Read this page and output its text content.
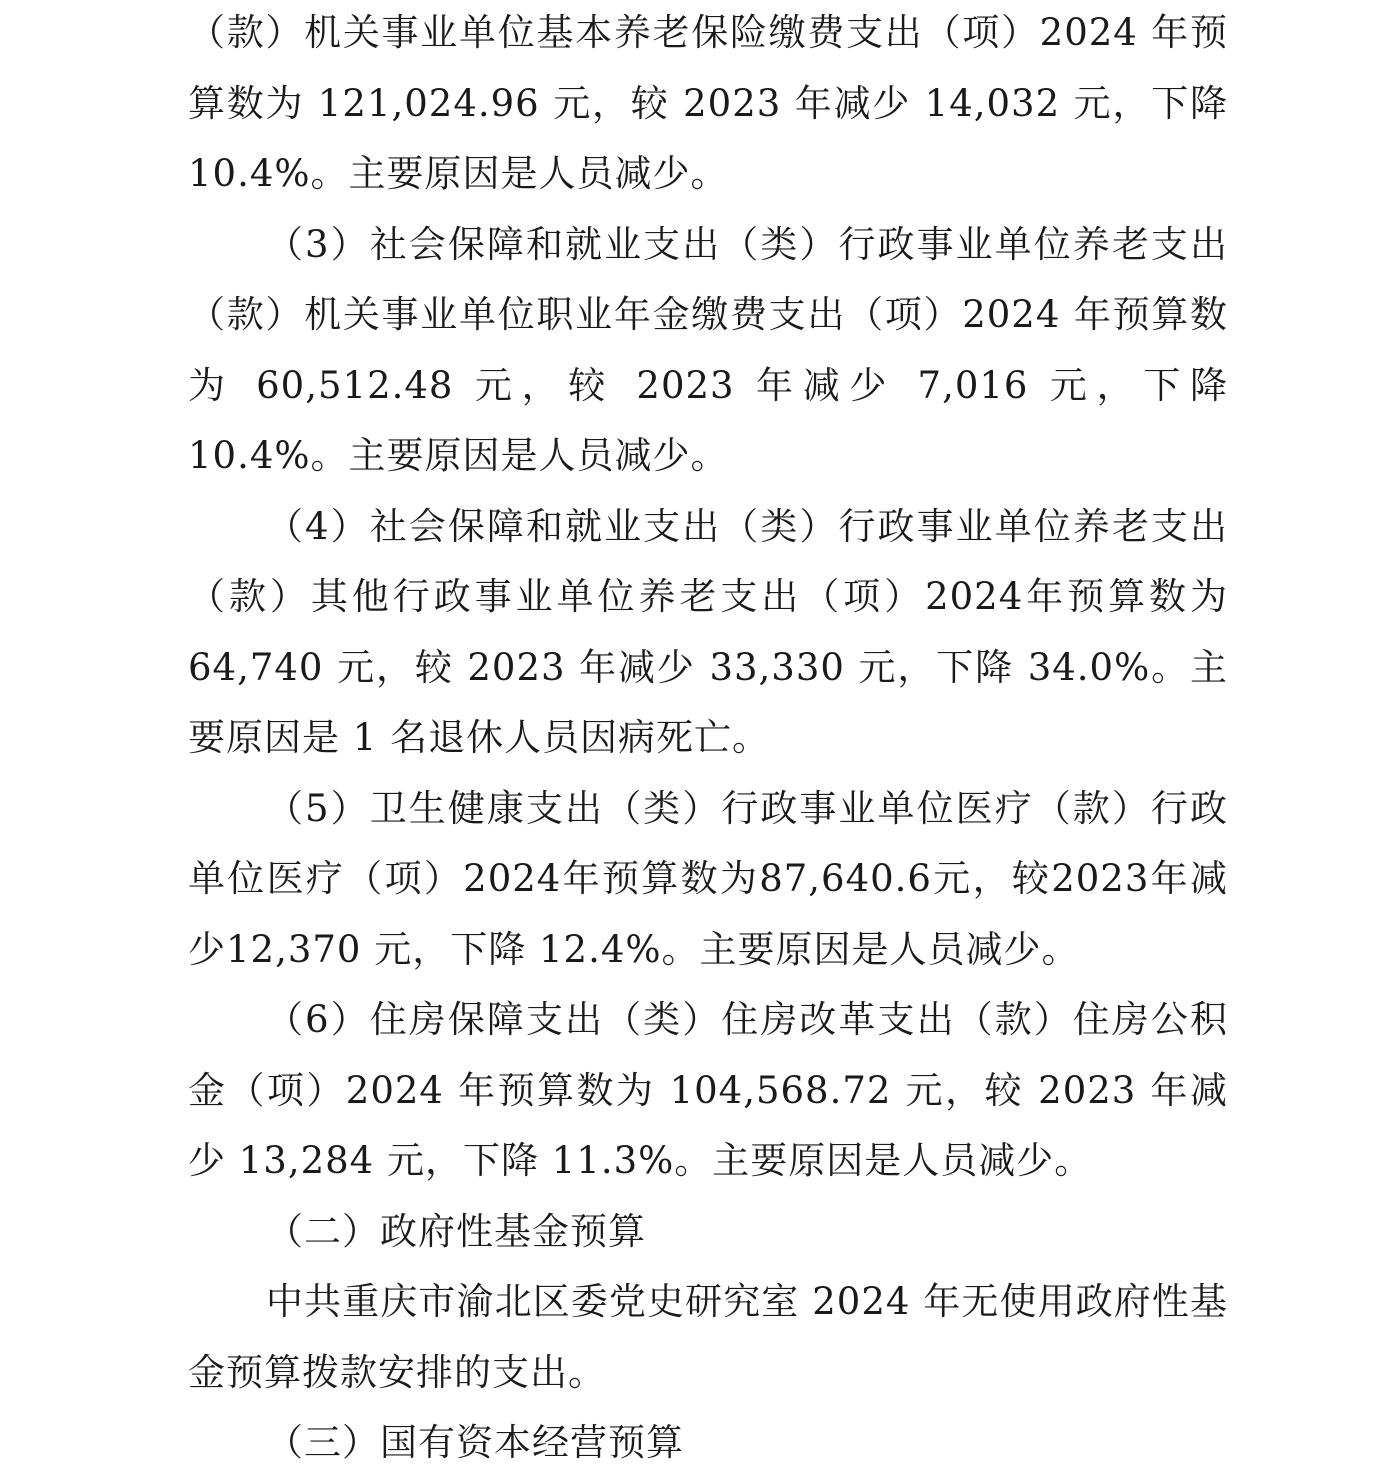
（款）机关事业单位基本养老保险缴费支出（项）2024 年预算数为 121,024.96 元，较 2023 年减少 14,032 元，下降 10.4%。主要原因是人员减少。

（3）社会保障和就业支出（类）行政事业单位养老支出（款）机关事业单位职业年金缴费支出（项）2024 年预算数为 60,512.48 元，较 2023 年减少 7,016 元，下降 10.4%。主要原因是人员减少。

（4）社会保障和就业支出（类）行政事业单位养老支出（款）其他行政事业单位养老支出（项）2024年预算数为64,740 元，较 2023 年减少 33,330 元，下降 34.0%。主要原因是 1 名退休人员因病死亡。

（5）卫生健康支出（类）行政事业单位医疗（款）行政单位医疗（项）2024年预算数为87,640.6元，较2023年减少12,370 元，下降 12.4%。主要原因是人员减少。

（6）住房保障支出（类）住房改革支出（款）住房公积金（项）2024 年预算数为 104,568.72 元，较 2023 年减少 13,284 元，下降 11.3%。主要原因是人员减少。

（二）政府性基金预算

中共重庆市渝北区委党史研究室 2024 年无使用政府性基金预算拨款安排的支出。

（三）国有资本经营预算
